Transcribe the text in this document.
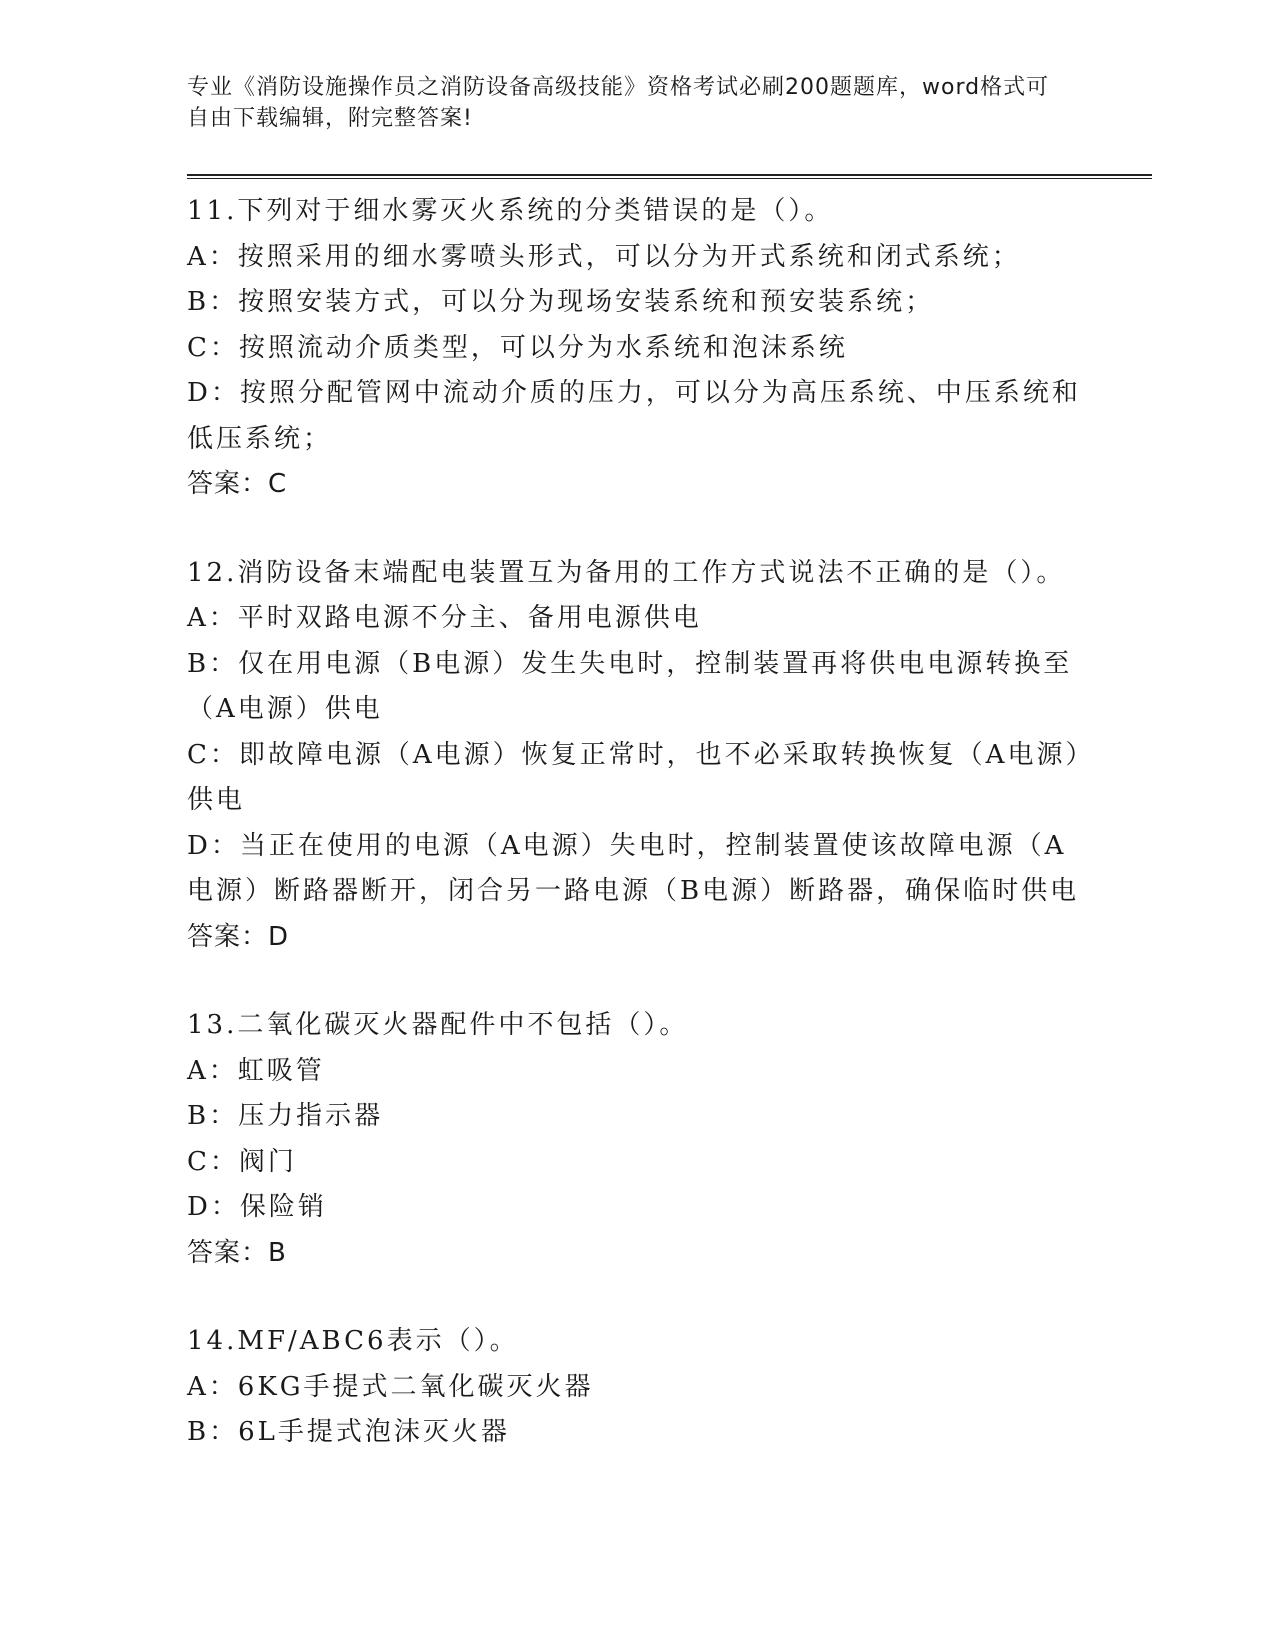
专业《消防设施操作员之消防设备高级技能》资格考试必刷200题题库，word格式可自由下载编辑，附完整答案!

11.下列对于细水雾灭火系统的分类错误的是（）。

A：按照采用的细水雾喷头形式，可以分为开式系统和闭式系统；

B：按照安装方式，可以分为现场安装系统和预安装系统；

C：按照流动介质类型，可以分为水系统和泡沫系统

D：按照分配管网中流动介质的压力，可以分为高压系统、中压系统和低压系统；

答案：C

12.消防设备末端配电装置互为备用的工作方式说法不正确的是（）。

A：平时双路电源不分主、备用电源供电

B：仅在用电源（B电源）发生失电时，控制装置再将供电电源转换至（A电源）供电

C：即故障电源（A电源）恢复正常时，也不必采取转换恢复（A电源）供电

D：当正在使用的电源（A电源）失电时，控制装置使该故障电源（A电源）断路器断开，闭合另一路电源（B电源）断路器，确保临时供电

答案：D

13.二氧化碳灭火器配件中不包括（）。

A：虹吸管

B：压力指示器

C：阀门

D：保险销

答案：B

14.MF/ABC6表示（）。

A：6KG手提式二氧化碳灭火器

B：6L手提式泡沫灭火器
